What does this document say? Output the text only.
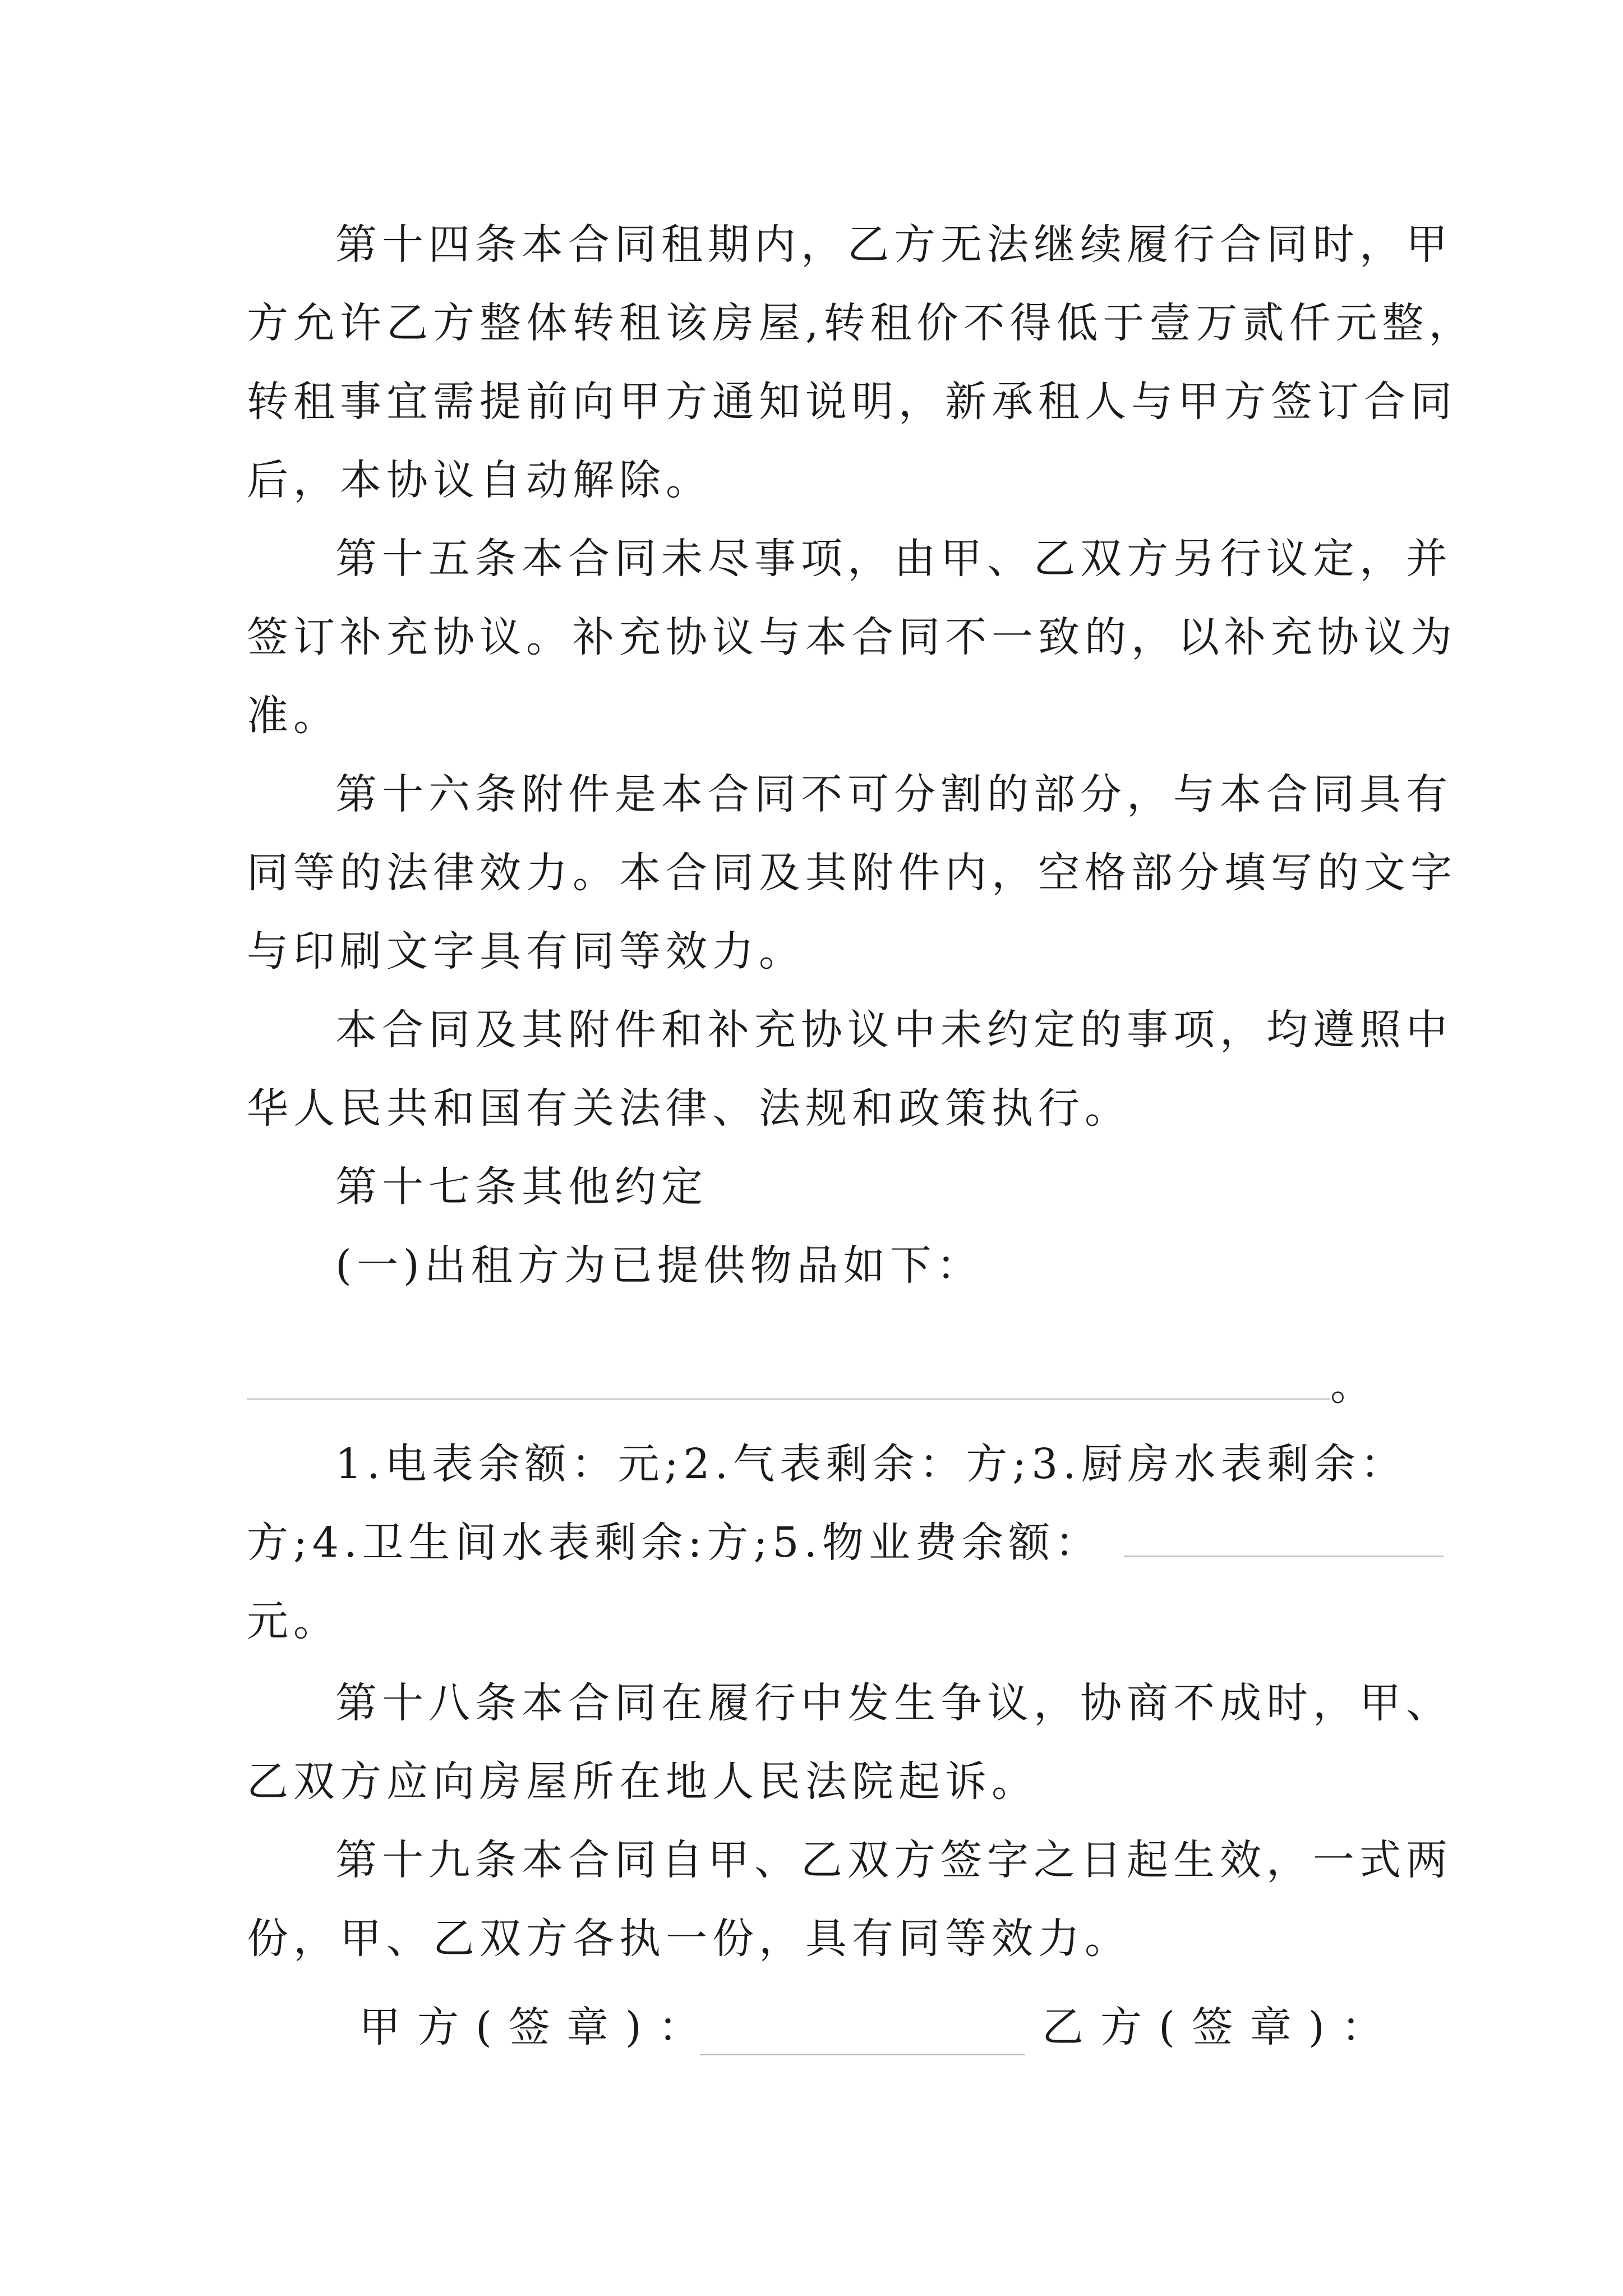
第十四条本合同租期内，乙方无法继续履行合同时，甲
方允许乙方整体转租该房屋,转租价不得低于壹万贰仟元整，
转租事宜需提前向甲方通知说明，新承租人与甲方签订合同
后，本协议自动解除。
第十五条本合同未尽事项，由甲、乙双方另行议定，并
签订补充协议。补充协议与本合同不一致的，以补充协议为
准。
第十六条附件是本合同不可分割的部分，与本合同具有
同等的法律效力。本合同及其附件内，空格部分填写的文字
与印刷文字具有同等效力。
本合同及其附件和补充协议中未约定的事项，均遵照中
华人民共和国有关法律、法规和政策执行。
第十七条其他约定
(一)出租方为已提供物品如下：
。
1.电表余额：元;2.气表剩余：方;3.厨房水表剩余：
方;4.卫生间水表剩余:方;5.物业费余额：
元。
第十八条本合同在履行中发生争议，协商不成时，甲、
乙双方应向房屋所在地人民法院起诉。
第十九条本合同自甲、乙双方签字之日起生效，一式两
份，甲、乙双方各执一份，具有同等效力。
甲方(签章)：	乙方(签章)：
